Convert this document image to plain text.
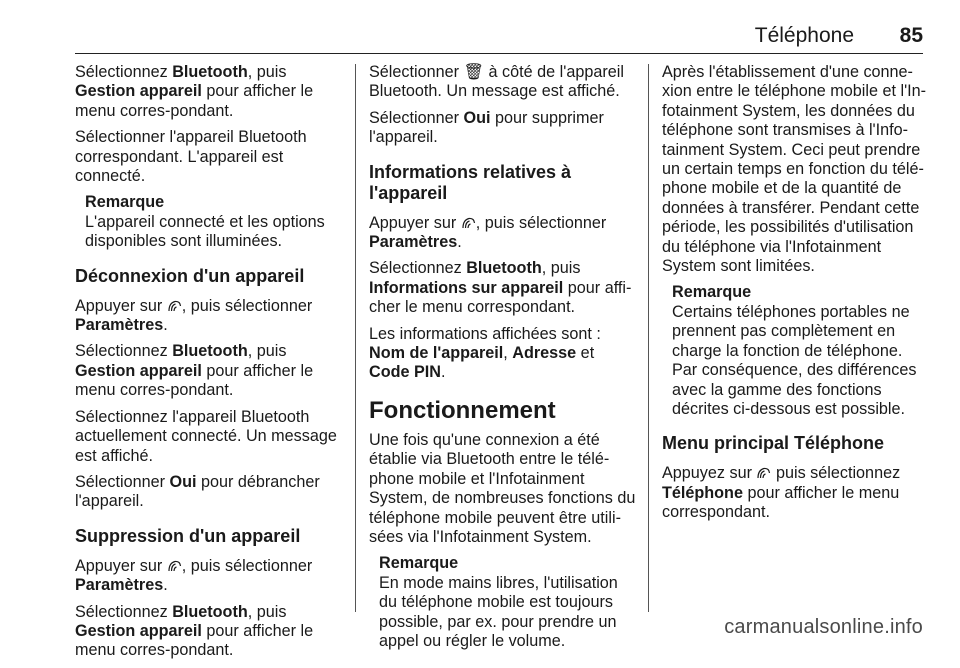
Téléphone 85

Sélectionnez Bluetooth, puis Gestion appareil pour afficher le menu corres-pondant.

Sélectionner l'appareil Bluetooth correspondant. L'appareil est connecté.

Remarque
L'appareil connecté et les options disponibles sont illuminées.
Déconnexion d'un appareil

Appuyer sur
, puis sélectionner Paramètres.

Sélectionnez Bluetooth, puis Gestion appareil pour afficher le menu corres-pondant.

Sélectionnez l'appareil Bluetooth actuellement connecté. Un message est affiché.

Sélectionner Oui pour débrancher l'appareil.

Suppression d'un appareil

Appuyer sur
, puis sélectionner Paramètres.

Sélectionnez Bluetooth, puis Gestion appareil pour afficher le menu corres-pondant.

Sélectionner 🗑 à côté de l'appareil Bluetooth. Un message est affiché.

Sélectionner Oui pour supprimer l'appareil.

Informations relatives à l'appareil

Appuyer sur
, puis sélectionner Paramètres.

Sélectionnez Bluetooth, puis Informations sur appareil pour affi-cher le menu correspondant.

Les informations affichées sont : Nom de l'appareil, Adresse et Code PIN.

Fonctionnement

Une fois qu'une connexion a été établie via Bluetooth entre le télé-phone mobile et l'Infotainment System, de nombreuses fonctions du téléphone mobile peuvent être utili-sées via l'Infotainment System.

Remarque
En mode mains libres, l'utilisation du téléphone mobile est toujours possible, par ex. pour prendre un appel ou régler le volume.

Après l'établissement d'une conne-xion entre le téléphone mobile et l'In-fotainment System, les données du téléphone sont transmises à l'Info-tainment System. Ceci peut prendre un certain temps en fonction du télé-phone mobile et de la quantité de données à transférer. Pendant cette période, les possibilités d'utilisation du téléphone via l'Infotainment System sont limitées.

Remarque
Certains téléphones portables ne prennent pas complètement en charge la fonction de téléphone. Par conséquence, des différences avec la gamme des fonctions décrites ci-dessous est possible.
Menu principal Téléphone

Appuyez sur
puis sélectionnez Téléphone pour afficher le menu correspondant.

carmanualsonline.info
